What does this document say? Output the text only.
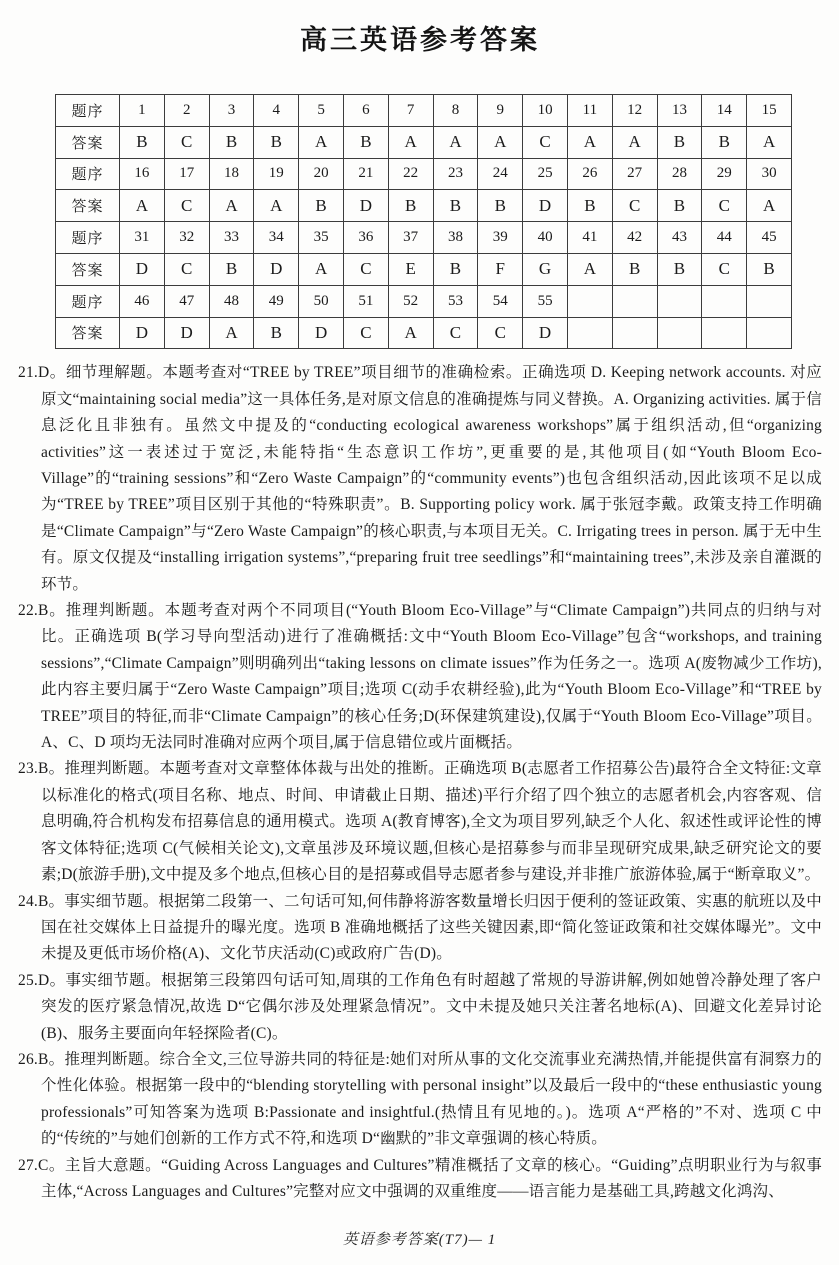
高三英语参考答案
题序	1	2	3	4	5	6	7	8	9	10	11	12	13	14	15
答案	B	C	B	B	A	B	A	A	A	C	A	A	B	B	A
题序	16	17	18	19	20	21	22	23	24	25	26	27	28	29	30
答案	A	C	A	A	B	D	B	B	B	D	B	C	B	C	A
题序	31	32	33	34	35	36	37	38	39	40	41	42	43	44	45
答案	D	C	B	D	A	C	E	B	F	G	A	B	B	C	B
题序	46	47	48	49	50	51	52	53	54	55					
答案	D	D	A	B	D	C	A	C	C	D					

21.D。细节理解题。本题考查对“TREE by TREE”项目细节的准确检索。正确选项 D. Keeping network accounts. 对应原文“maintaining social media”这一具体任务,是对原文信息的准确提炼与同义替换。A. Organizing activities. 属于信息泛化且非独有。虽然文中提及的“conducting ecological awareness workshops”属于组织活动,但“organizing activities”这一表述过于宽泛,未能特指“生态意识工作坊”,更重要的是,其他项目(如“Youth Bloom Eco-Village”的“training sessions”和“Zero Waste Campaign”的“community events”)也包含组织活动,因此该项不足以成为“TREE by TREE”项目区别于其他的“特殊职责”。B. Supporting policy work. 属于张冠李戴。政策支持工作明确是“Climate Campaign”与“Zero Waste Campaign”的核心职责,与本项目无关。C. Irrigating trees in person. 属于无中生有。原文仅提及“installing irrigation systems”,“preparing fruit tree seedlings”和“maintaining trees”,未涉及亲自灌溉的环节。

22.B。推理判断题。本题考查对两个不同项目(“Youth Bloom Eco-Village”与“Climate Campaign”)共同点的归纳与对比。正确选项 B(学习导向型活动)进行了准确概括:文中“Youth Bloom Eco-Village”包含“workshops, and training sessions”,“Climate Campaign”则明确列出“taking lessons on climate issues”作为任务之一。选项 A(废物减少工作坊),此内容主要归属于“Zero Waste Campaign”项目;选项 C(动手农耕经验),此为“Youth Bloom Eco-Village”和“TREE by TREE”项目的特征,而非“Climate Campaign”的核心任务;D(环保建筑建设),仅属于“Youth Bloom Eco-Village”项目。A、C、D 项均无法同时准确对应两个项目,属于信息错位或片面概括。

23.B。推理判断题。本题考查对文章整体体裁与出处的推断。正确选项 B(志愿者工作招募公告)最符合全文特征:文章以标准化的格式(项目名称、地点、时间、申请截止日期、描述)平行介绍了四个独立的志愿者机会,内容客观、信息明确,符合机构发布招募信息的通用模式。选项 A(教育博客),全文为项目罗列,缺乏个人化、叙述性或评论性的博客文体特征;选项 C(气候相关论文),文章虽涉及环境议题,但核心是招募参与而非呈现研究成果,缺乏研究论文的要素;D(旅游手册),文中提及多个地点,但核心目的是招募或倡导志愿者参与建设,并非推广旅游体验,属于“断章取义”。

24.B。事实细节题。根据第二段第一、二句话可知,何伟静将游客数量增长归因于便利的签证政策、实惠的航班以及中国在社交媒体上日益提升的曝光度。选项 B 准确地概括了这些关键因素,即“简化签证政策和社交媒体曝光”。文中未提及更低市场价格(A)、文化节庆活动(C)或政府广告(D)。

25.D。事实细节题。根据第三段第四句话可知,周琪的工作角色有时超越了常规的导游讲解,例如她曾冷静处理了客户突发的医疗紧急情况,故选 D“它偶尔涉及处理紧急情况”。文中未提及她只关注著名地标(A)、回避文化差异讨论(B)、服务主要面向年轻探险者(C)。

26.B。推理判断题。综合全文,三位导游共同的特征是:她们对所从事的文化交流事业充满热情,并能提供富有洞察力的个性化体验。根据第一段中的“blending storytelling with personal insight”以及最后一段中的“these enthusiastic young professionals”可知答案为选项 B:Passionate and insightful.(热情且有见地的。)。选项 A“严格的”不对、选项 C 中的“传统的”与她们创新的工作方式不符,和选项 D“幽默的”非文章强调的核心特质。

27.C。主旨大意题。“Guiding Across Languages and Cultures”精准概括了文章的核心。“Guiding”点明职业行为与叙事主体,“Across Languages and Cultures”完整对应文中强调的双重维度——语言能力是基础工具,跨越文化鸿沟、

英语参考答案(T7)— 1
